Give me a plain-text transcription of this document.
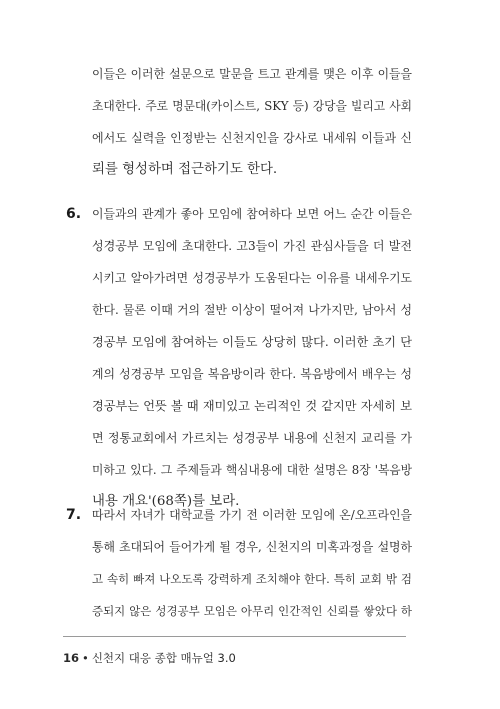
이들은 이러한 설문으로 말문을 트고 관계를 맺은 이후 이들을
초대한다. 주로 명문대(카이스트, SKY 등) 강당을 빌리고 사회
에서도 실력을 인정받는 신천지인을 강사로 내세워 이들과 신
뢰를 형성하며 접근하기도 한다.
6. 이들과의 관계가 좋아 모임에 참여하다 보면 어느 순간 이들은
성경공부 모임에 초대한다. 고3들이 가진 관심사들을 더 발전
시키고 알아가려면 성경공부가 도움된다는 이유를 내세우기도
한다. 물론 이때 거의 절반 이상이 떨어져 나가지만, 남아서 성
경공부 모임에 참여하는 이들도 상당히 많다. 이러한 초기 단
계의 성경공부 모임을 복음방이라 한다. 복음방에서 배우는 성
경공부는 언뜻 볼 때 재미있고 논리적인 것 같지만 자세히 보
면 정통교회에서 가르치는 성경공부 내용에 신천지 교리를 가
미하고 있다. 그 주제들과 핵심내용에 대한 설명은 8장 '복음방
내용 개요'(68쪽)를 보라.
7. 따라서 자녀가 대학교를 가기 전 이러한 모임에 온/오프라인을
통해 초대되어 들어가게 될 경우, 신천지의 미혹과정을 설명하
고 속히 빠져 나오도록 강력하게 조치해야 한다. 특히 교회 밖 검
증되지 않은 성경공부 모임은 아무리 인간적인 신뢰를 쌓았다 하
16 • 신천지 대응 종합 매뉴얼 3.0
